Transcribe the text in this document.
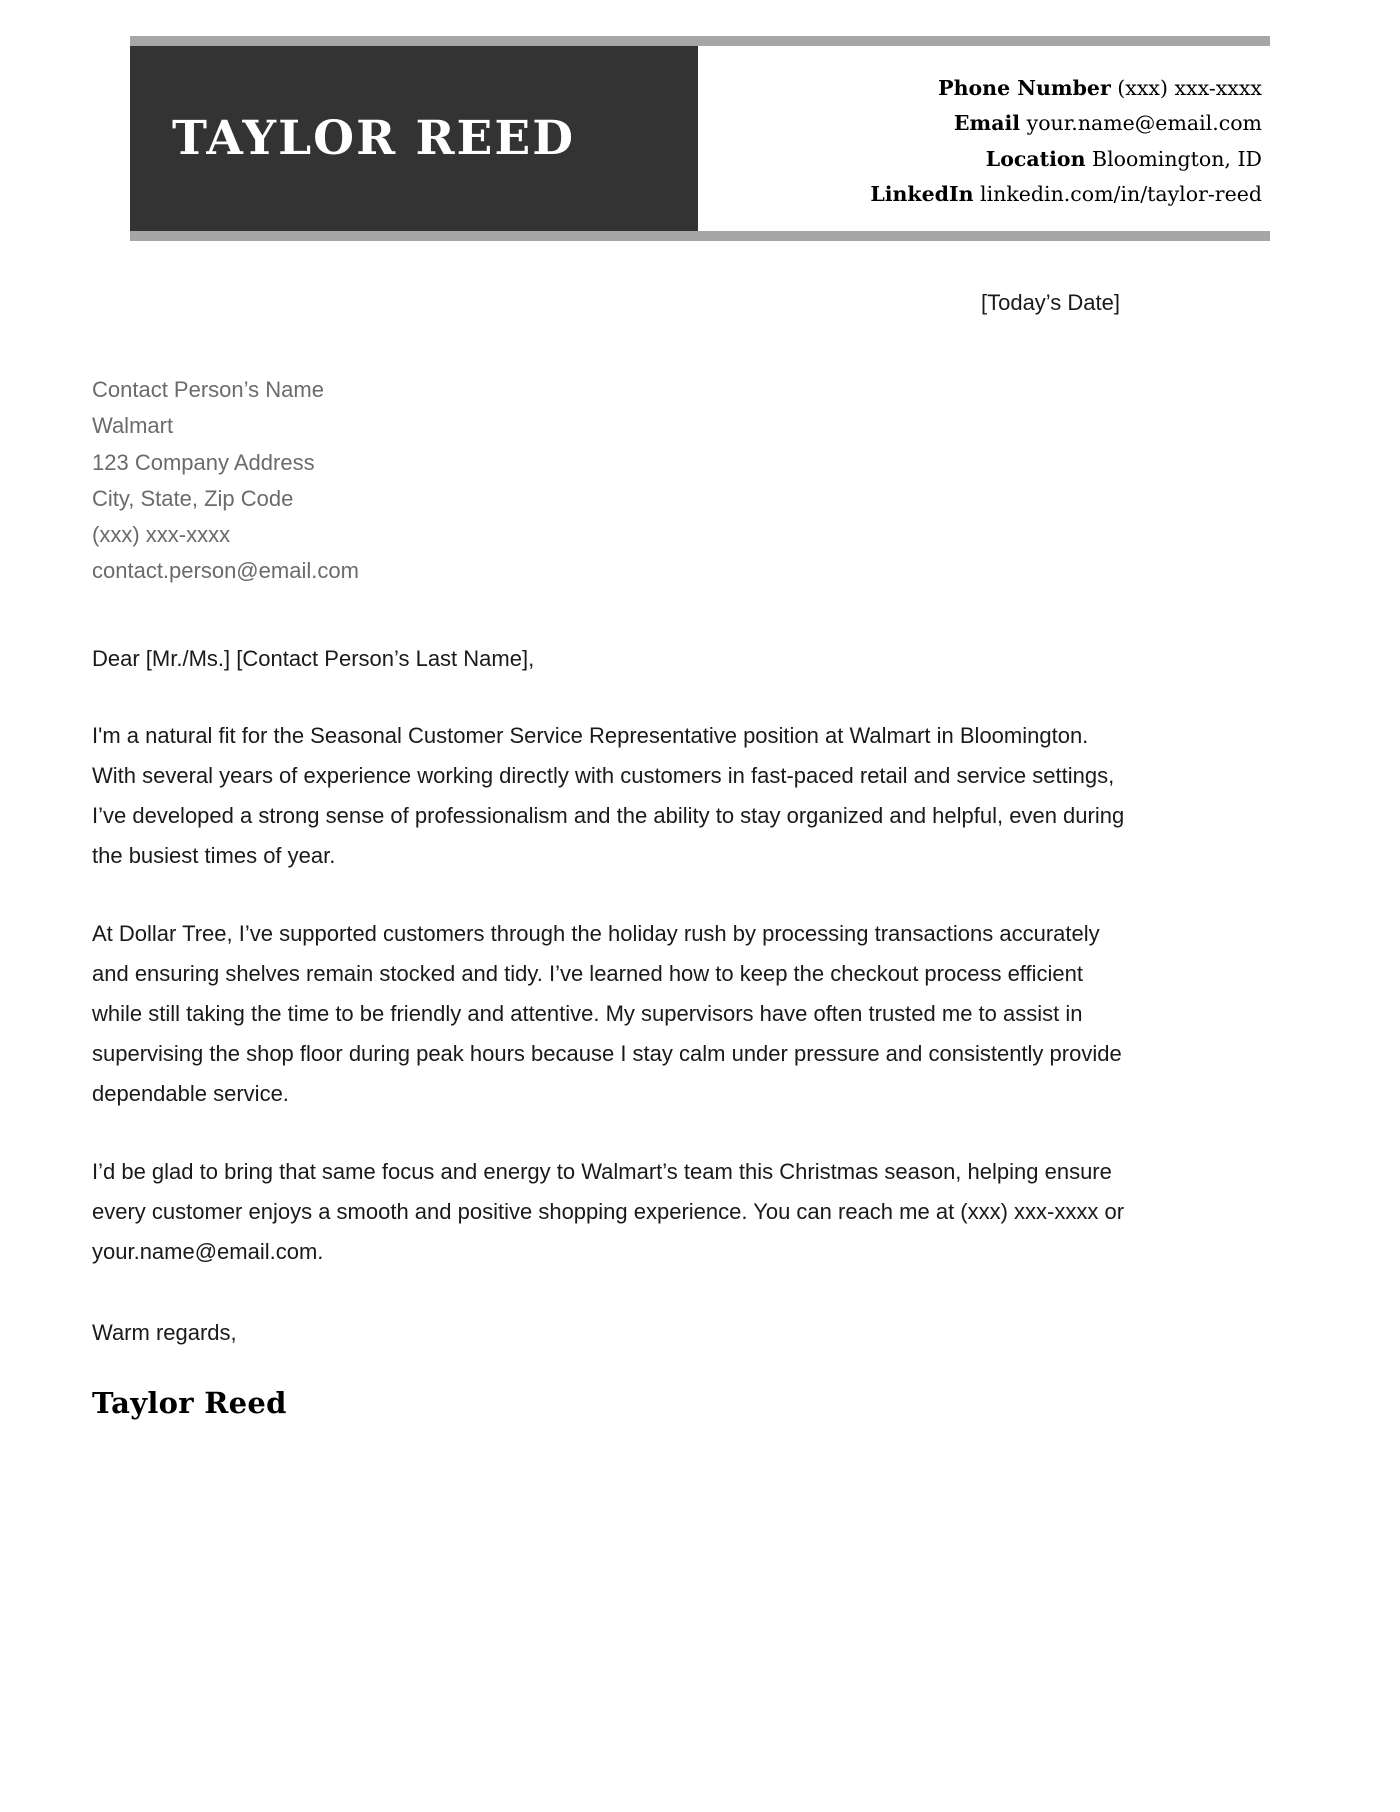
TAYLOR REED
Phone Number (xxx) xxx-xxxx
Email your.name@email.com
Location Bloomington, ID
LinkedIn linkedin.com/in/taylor-reed
[Today’s Date]
Contact Person’s Name
Walmart
123 Company Address
City, State, Zip Code
(xxx) xxx-xxxx
contact.person@email.com
Dear [Mr./Ms.] [Contact Person’s Last Name],
I'm a natural fit for the Seasonal Customer Service Representative position at Walmart in Bloomington. With several years of experience working directly with customers in fast-paced retail and service settings, I’ve developed a strong sense of professionalism and the ability to stay organized and helpful, even during the busiest times of year.
At Dollar Tree, I’ve supported customers through the holiday rush by processing transactions accurately and ensuring shelves remain stocked and tidy. I’ve learned how to keep the checkout process efficient while still taking the time to be friendly and attentive. My supervisors have often trusted me to assist in supervising the shop floor during peak hours because I stay calm under pressure and consistently provide dependable service.
I’d be glad to bring that same focus and energy to Walmart’s team this Christmas season, helping ensure every customer enjoys a smooth and positive shopping experience. You can reach me at (xxx) xxx-xxxx or your.name@email.com.
Warm regards,
Taylor Reed
